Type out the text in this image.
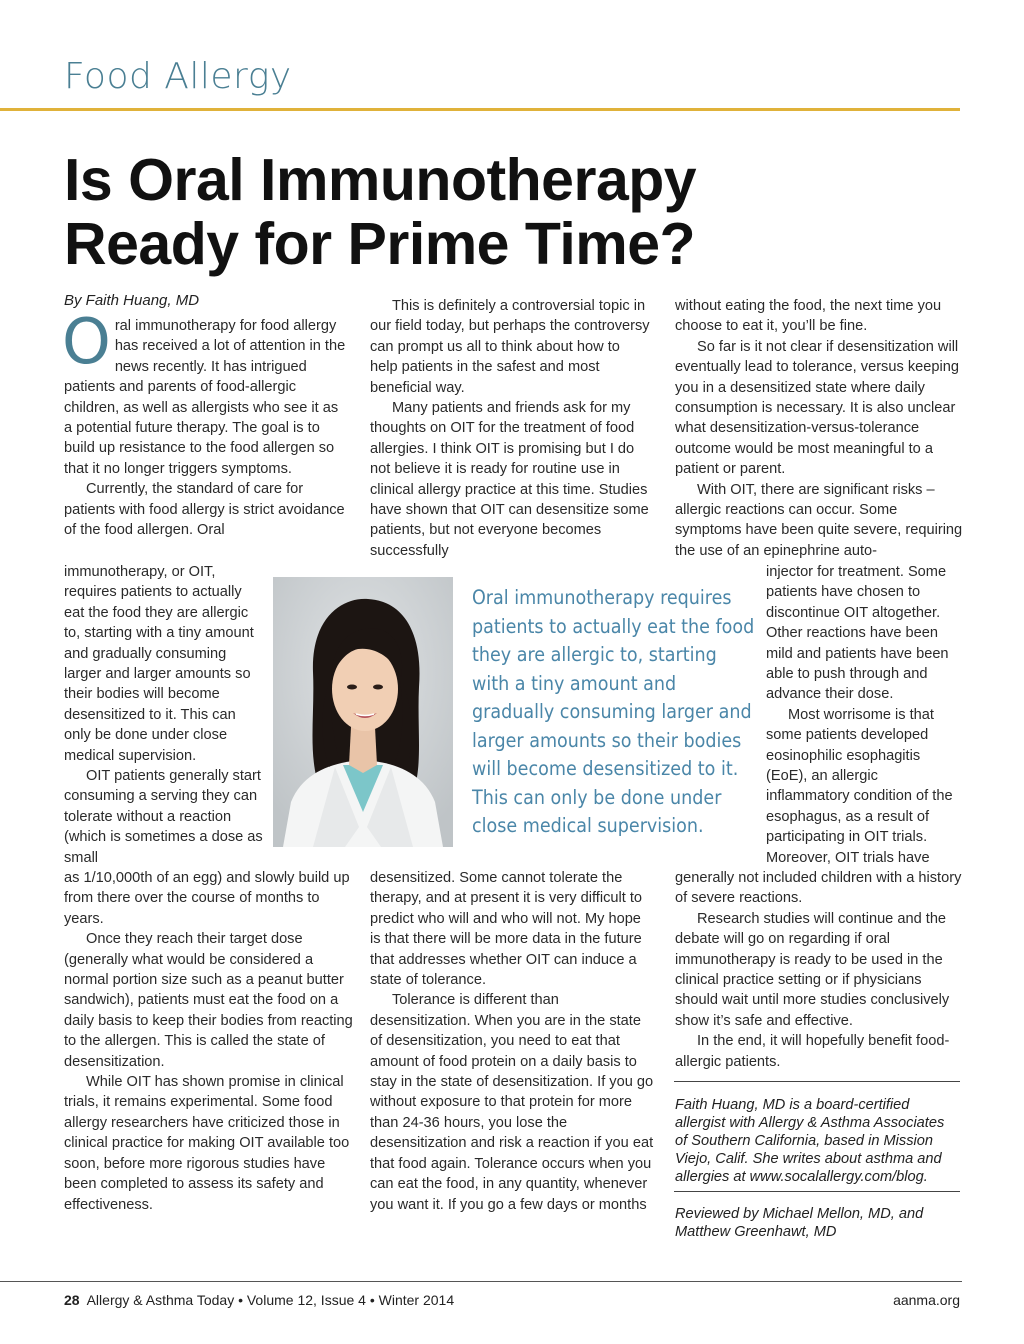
Food Allergy
Is Oral Immunotherapy
Ready for Prime Time?
By Faith Huang, MD

Oral immunotherapy for food allergy has received a lot of attention in the news recently. It has intrigued patients and parents of food-allergic children, as well as allergists who see it as a potential future therapy. The goal is to build up resistance to the food allergen so that it no longer triggers symptoms.

Currently, the standard of care for patients with food allergy is strict avoidance of the food allergen. Oral

immunotherapy, or OIT, requires patients to actually eat the food they are allergic to, starting with a tiny amount and gradually consuming larger and larger amounts so their bodies will become desensitized to it. This can only be done under close medical supervision.

OIT patients generally start consuming a serving they can tolerate without a reaction (which is sometimes a dose as small

as 1/10,000th of an egg) and slowly build up from there over the course of months to years.

Once they reach their target dose (generally what would be considered a normal portion size such as a peanut butter sandwich), patients must eat the food on a daily basis to keep their bodies from reacting to the allergen. This is called the state of desensitization.

While OIT has shown promise in clinical trials, it remains experimental. Some food allergy researchers have criticized those in clinical practice for making OIT available too soon, before more rigorous studies have been completed to assess its safety and effectiveness.

This is definitely a controversial topic in our field today, but perhaps the controversy can prompt us all to think about how to help patients in the safest and most beneficial way.

Many patients and friends ask for my thoughts on OIT for the treatment of food allergies. I think OIT is promising but I do not believe it is ready for routine use in clinical allergy practice at this time. Studies have shown that OIT can desensitize some patients, but not everyone becomes successfully

desensitized. Some cannot tolerate the therapy, and at present it is very difficult to predict who will and who will not. My hope is that there will be more data in the future that addresses whether OIT can induce a state of tolerance.

Tolerance is different than desensitization. When you are in the state of desensitization, you need to eat that amount of food protein on a daily basis to stay in the state of desensitization. If you go without exposure to that protein for more than 24-36 hours, you lose the desensitization and risk a reaction if you eat that food again. Tolerance occurs when you can eat the food, in any quantity, whenever you want it. If you go a few days or months

without eating the food, the next time you choose to eat it, you’ll be fine.

So far is it not clear if desensitization will eventually lead to tolerance, versus keeping you in a desensitized state where daily consumption is necessary. It is also unclear what desensitization-versus-tolerance outcome would be most meaningful to a patient or parent.

With OIT, there are significant risks – allergic reactions can occur. Some symptoms have been quite severe, requiring the use of an epinephrine auto-

injector for treatment. Some patients have chosen to discontinue OIT altogether. Other reactions have been mild and patients have been able to push through and advance their dose.

Most worrisome is that some patients developed eosinophilic esophagitis (EoE), an allergic inflammatory condition of the esophagus, as a result of participating in OIT trials. Moreover, OIT trials have

generally not included children with a history of severe reactions.

Research studies will continue and the debate will go on regarding if oral immunotherapy is ready to be used in the clinical practice setting or if physicians should wait until more studies conclusively show it’s safe and effective.

In the end, it will hopefully benefit food-allergic patients.

Oral immunotherapy requires patients to actually eat the food they are allergic to, starting with a tiny amount and gradually consuming larger and larger amounts so their bodies will become desensitized to it. This can only be done under close medical supervision.
Faith Huang, MD is a board-certified allergist with Allergy & Asthma Associates of Southern California, based in Mission Viejo, Calif. She writes about asthma and allergies at www.socalallergy.com/blog.
Reviewed by Michael Mellon, MD, and Matthew Greenhawt, MD
28 Allergy & Asthma Today • Volume 12, Issue 4 • Winter 2014	aanma.org
